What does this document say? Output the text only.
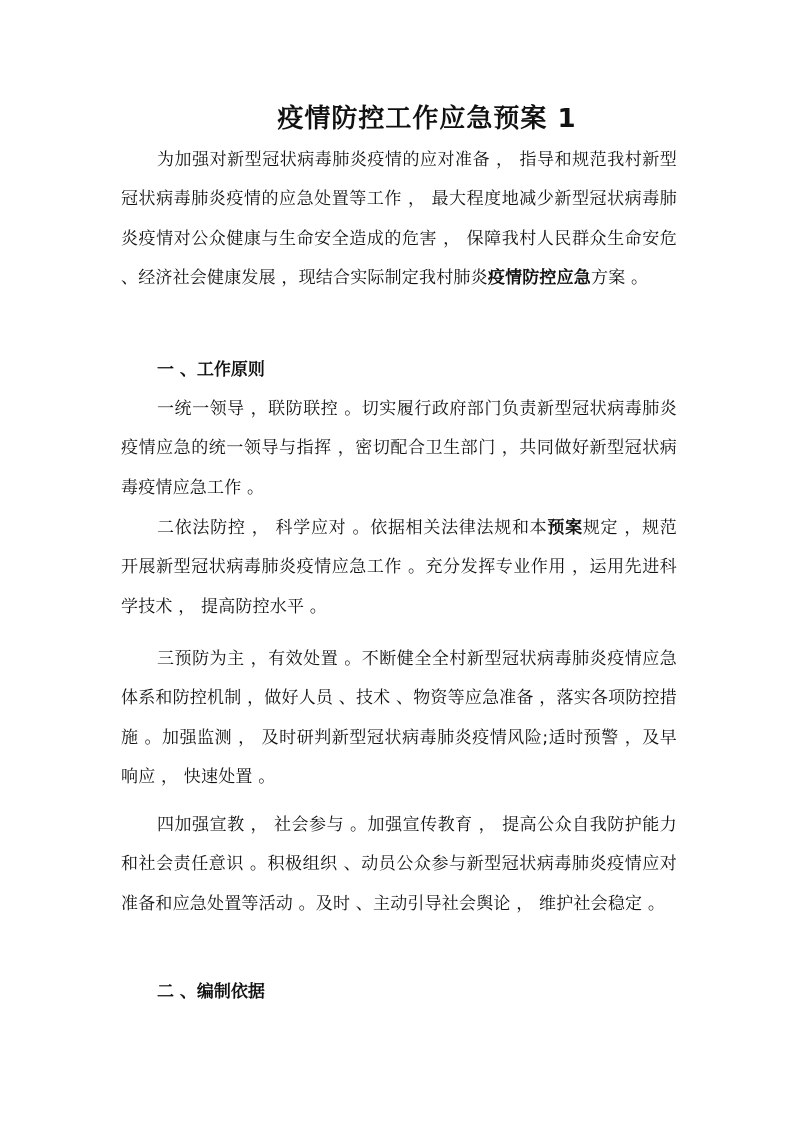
疫情防控工作应急预案 1

为加强对新型冠状病毒肺炎疫情的应对准备 ， 指导和规范我村新型冠状病毒肺炎疫情的应急处置等工作 ， 最大程度地减少新型冠状病毒肺炎疫情对公众健康与生命安全造成的危害 ， 保障我村人民群众生命安危 、经济社会健康发展 ，现结合实际制定我村肺炎疫情防控应急方案 。

一 、工作原则

一统一领导 ，联防联控 。切实履行政府部门负责新型冠状病毒肺炎疫情应急的统一领导与指挥 ，密切配合卫生部门 ，共同做好新型冠状病毒疫情应急工作 。

二依法防控 ， 科学应对 。依据相关法律法规和本预案规定 ，规范开展新型冠状病毒肺炎疫情应急工作 。充分发挥专业作用 ，运用先进科学技术 ， 提高防控水平 。

三预防为主 ，有效处置 。不断健全全村新型冠状病毒肺炎疫情应急体系和防控机制 ，做好人员 、技术 、物资等应急准备 ，落实各项防控措施 。加强监测 ， 及时研判新型冠状病毒肺炎疫情风险;适时预警 ，及早响应 ， 快速处置 。

四加强宣教 ， 社会参与 。加强宣传教育 ， 提高公众自我防护能力和社会责任意识 。积极组织 、动员公众参与新型冠状病毒肺炎疫情应对准备和应急处置等活动 。及时 、主动引导社会舆论 ， 维护社会稳定 。

二 、编制依据
